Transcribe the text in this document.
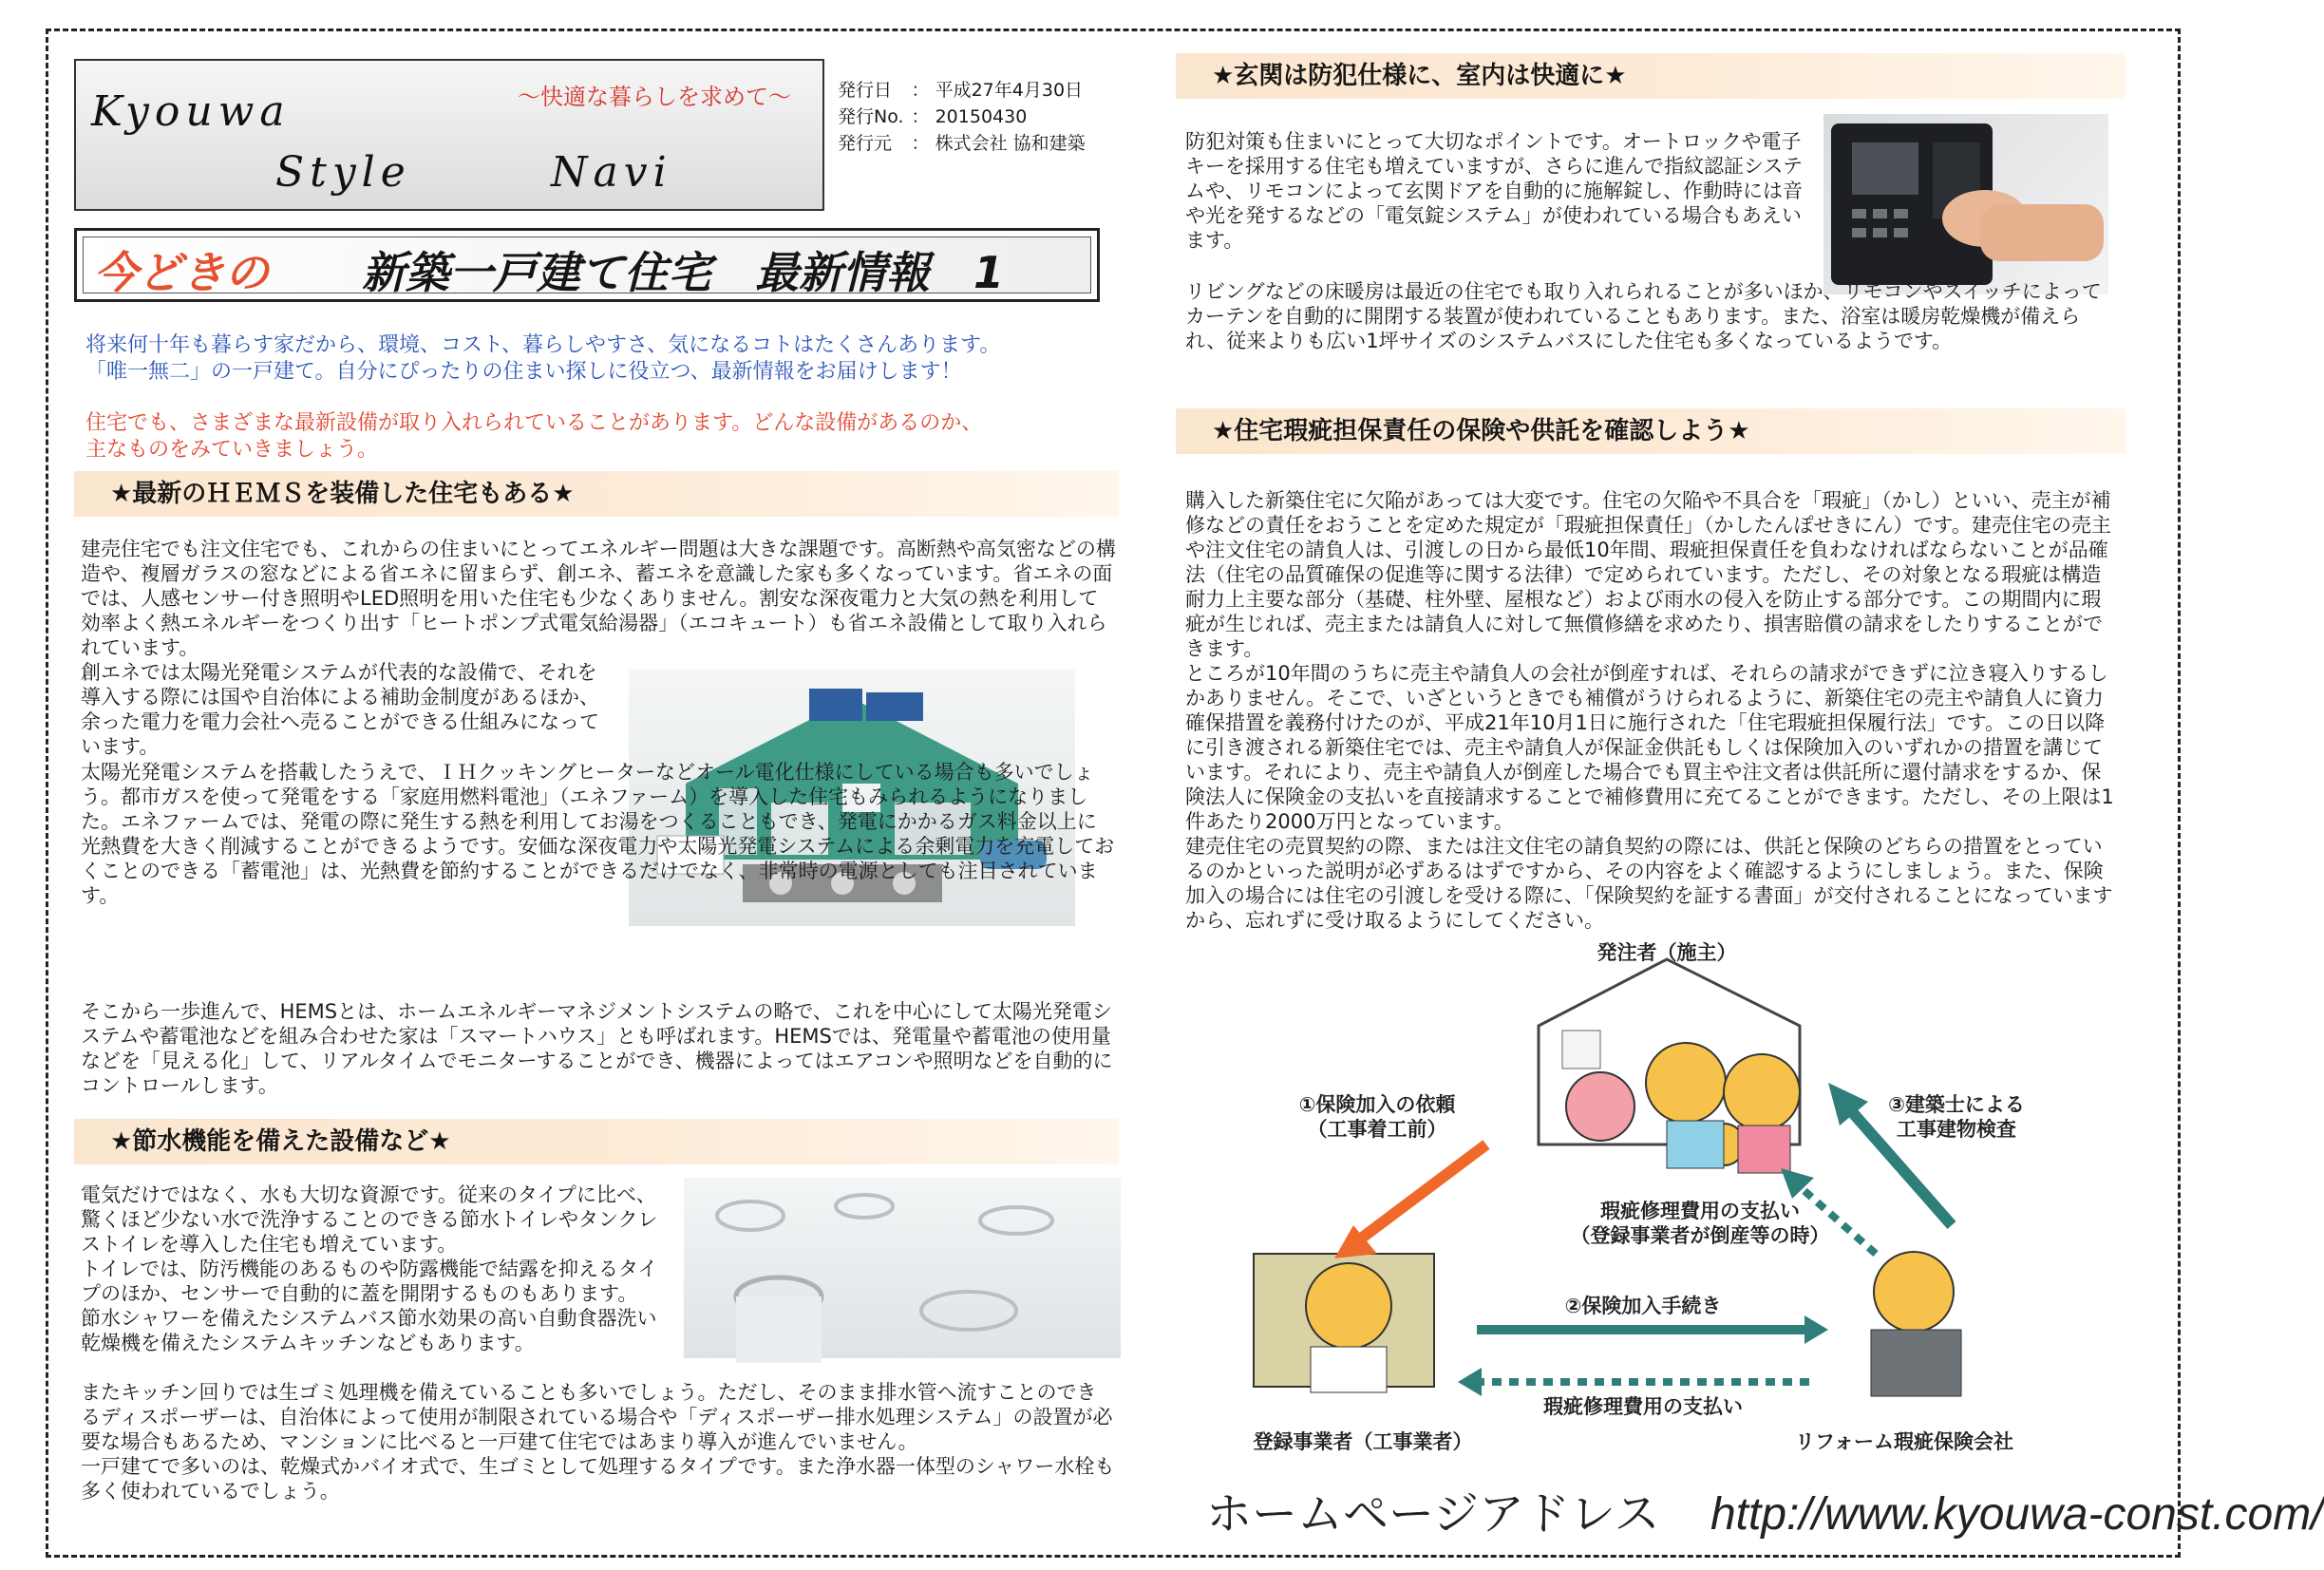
Kyouwa
Style	Navi
～快適な暮らしを求めて～	発行日	： 平成27年4月30日
発行No.	： 20150430
発行元	： 株式会社 協和建築
今どきの 新築一戸建て住宅　最新情報　1
将来何十年も暮らす家だから、環境、コスト、暮らしやすさ、気になるコトはたくさんあります。
「唯一無二」の一戸建て。自分にぴったりの住まい探しに役立つ、最新情報をお届けします！
住宅でも、さまざまな最新設備が取り入れられていることがあります。どんな設備があるのか、
主なものをみていきましょう。
★最新のＨＥＭＳを装備した住宅もある★

建売住宅でも注文住宅でも、これからの住まいにとってエネルギー問題は大きな課題です。高断熱や高気密などの構造や、複層ガラスの窓などによる省エネに留まらず、創エネ、蓄エネを意識した家も多くなっています。省エネの面では、人感センサー付き照明やLED照明を用いた住宅も少なくありません。割安な深夜電力と大気の熱を利用して効率よく熱エネルギーをつくり出す「ヒートポンプ式電気給湯器」（エコキュート）も省エネ設備として取り入れられています。

創エネでは太陽光発電システムが代表的な設備で、それを導入する際には国や自治体による補助金制度があるほか、余った電力を電力会社へ売ることができる仕組みになっています。

太陽光発電システムを搭載したうえで、ＩＨクッキングヒーターなどオール電化仕様にしている場合も多いでしょう。都市ガスを使って発電をする「家庭用燃料電池」（エネファーム）を導入した住宅もみられるようになりました。エネファームでは、発電の際に発生する熱を利用してお湯をつくることもでき、発電にかかるガス料金以上に光熱費を大きく削減することができるようです。安価な深夜電力や太陽光発電システムによる余剰電力を充電しておくことのできる「蓄電池」は、光熱費を節約することができるだけでなく、非常時の電源としても注目されています。

そこから一歩進んで、HEMSとは、ホームエネルギーマネジメントシステムの略で、これを中心にして太陽光発電システムや蓄電池などを組み合わせた家は「スマートハウス」とも呼ばれます。HEMSでは、発電量や蓄電池の使用量などを「見える化」して、リアルタイムでモニターすることができ、機器によってはエアコンや照明などを自動的にコントロールします。

★節水機能を備えた設備など★

電気だけではなく、水も大切な資源です。従来のタイプに比べ、驚くほど少ない水で洗浄することのできる節水トイレやタンクレストイレを導入した住宅も増えています。

トイレでは、防汚機能のあるものや防露機能で結露を抑えるタイプのほか、センサーで自動的に蓋を開閉するものもあります。

節水シャワーを備えたシステムバス節水効果の高い自動食器洗い乾燥機を備えたシステムキッチンなどもあります。

またキッチン回りでは生ゴミ処理機を備えていることも多いでしょう。ただし、そのまま排水管へ流すことのできるディスポーザーは、自治体によって使用が制限されている場合や「ディスポーザー排水処理システム」の設置が必要な場合もあるため、マンションに比べると一戸建て住宅ではあまり導入が進んでいません。

一戸建てで多いのは、乾燥式かバイオ式で、生ゴミとして処理するタイプです。また浄水器一体型のシャワー水栓も多く使われているでしょう。

★玄関は防犯仕様に、室内は快適に★

防犯対策も住まいにとって大切なポイントです。オートロックや電子キーを採用する住宅も増えていますが、さらに進んで指紋認証システムや、リモコンによって玄関ドアを自動的に施解錠し、作動時には音や光を発するなどの「電気錠システム」が使われている場合もあえいます。

リビングなどの床暖房は最近の住宅でも取り入れられることが多いほか、リモコンやスイッチによってカーテンを自動的に開閉する装置が使われていることもあります。また、浴室は暖房乾燥機が備えられ、従来よりも広い1坪サイズのシステムバスにした住宅も多くなっているようです。

★住宅瑕疵担保責任の保険や供託を確認しよう★

購入した新築住宅に欠陥があっては大変です。住宅の欠陥や不具合を「瑕疵」（かし）といい、売主が補修などの責任をおうことを定めた規定が「瑕疵担保責任」（かしたんぽせきにん）です。建売住宅の売主や注文住宅の請負人は、引渡しの日から最低10年間、瑕疵担保責任を負わなければならないことが品確法（住宅の品質確保の促進等に関する法律）で定められています。ただし、その対象となる瑕疵は構造耐力上主要な部分（基礎、柱外壁、屋根など）および雨水の侵入を防止する部分です。この期間内に瑕疵が生じれば、売主または請負人に対して無償修繕を求めたり、損害賠償の請求をしたりすることができます。

ところが10年間のうちに売主や請負人の会社が倒産すれば、それらの請求ができずに泣き寝入りするしかありません。そこで、いざというときでも補償がうけられるように、新築住宅の売主や請負人に資力確保措置を義務付けたのが、平成21年10月1日に施行された「住宅瑕疵担保履行法」です。この日以降に引き渡される新築住宅では、売主や請負人が保証金供託もしくは保険加入のいずれかの措置を講じています。それにより、売主や請負人が倒産した場合でも買主や注文者は供託所に還付請求をするか、保険法人に保険金の支払いを直接請求することで補修費用に充てることができます。ただし、その上限は1件あたり2000万円となっています。

建売住宅の売買契約の際、または注文住宅の請負契約の際には、供託と保険のどちらの措置をとっているのかといった説明が必ずあるはずですから、その内容をよく確認するようにしましょう。また、保険加入の場合には住宅の引渡しを受ける際に、「保険契約を証する書面」が交付されることになっていますから、忘れずに受け取るようにしてください。

発注者（施主）
①保険加入の依頼
（工事着工前）
③建築士による
工事建物検査
瑕疵修理費用の支払い
（登録事業者が倒産等の時）
②保険加入手続き
瑕疵修理費用の支払い
登録事業者（工事業者）	リフォーム瑕疵保険会社
ホームページアドレス http://www.kyouwa-const.com/
